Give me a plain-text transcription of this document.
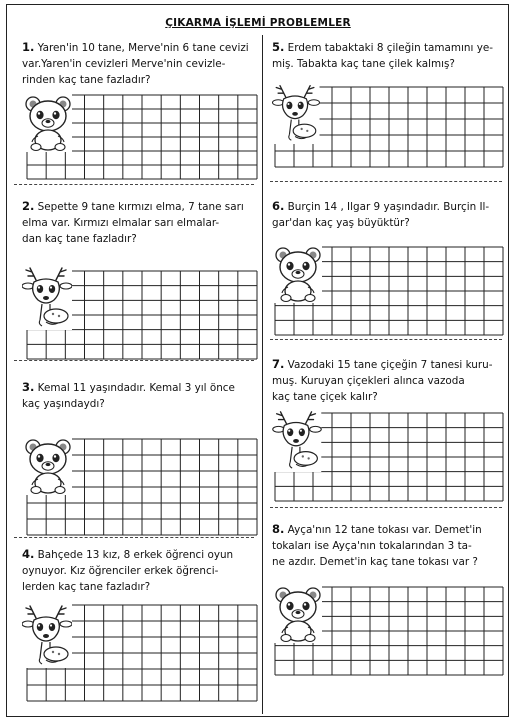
ÇIKARMA İŞLEMİ PROBLEMLER
1. Yaren'in 10 tane, Merve'nin 6 tane cevizi
var.Yaren'in cevizleri Merve'nin cevizle-
rinden kaç tane fazladır?
2. Sepette 9 tane kırmızı elma, 7 tane sarı
elma var. Kırmızı elmalar sarı elmalar-
dan kaç tane fazladır?
3. Kemal 11 yaşındadır. Kemal 3 yıl önce
kaç yaşındaydı?
4. Bahçede 13 kız, 8 erkek öğrenci oyun
oynuyor. Kız öğrenciler erkek öğrenci-
lerden kaç tane fazladır?
5. Erdem tabaktaki 8 çileğin tamamını ye-
miş. Tabakta kaç tane çilek kalmış?
6. Burçin 14 , Ilgar 9 yaşındadır. Burçin Il-
gar'dan kaç yaş büyüktür?
7. Vazodaki 15 tane çiçeğin 7 tanesi kuru-
muş. Kuruyan çiçekleri alınca vazoda
kaç tane çiçek kalır?
8. Ayça'nın 12 tane tokası var. Demet'in
tokaları ise Ayça'nın tokalarından 3 ta-
ne azdır. Demet'in kaç tane tokası var ?
